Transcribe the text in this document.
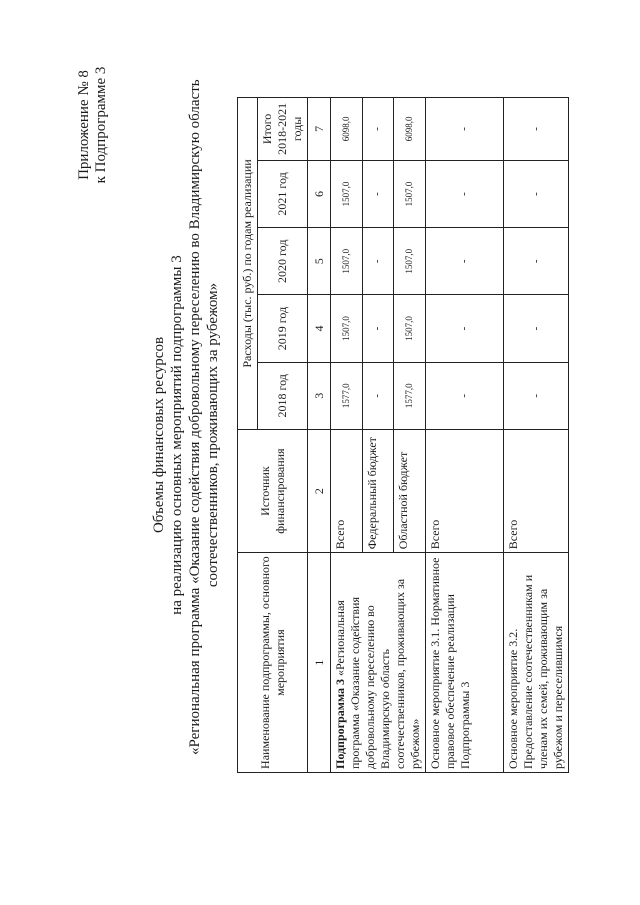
Приложение № 8 к Подпрограмме 3
Объемы финансовых ресурсов на реализацию основных мероприятий подпрограммы 3 «Региональная программа «Оказание содействия добровольному переселению во Владимирскую область соотечественников, проживающих за рубежом»
Наименование подпрограммы, основного мероприятия	Источник финансирования	Расходы (тыс. руб.) по годам реализации				
		2018 год	2019 год	2020 год	2021 год	Итого 2018-2021 годы
1	2	3	4	5	6	7
Подпрограмма 3 «Региональная программа «Оказание содействия добровольному переселению во Владимирскую область соотечественников, проживающих за рубежом»	Всего	1577,0	1507,0	1507,0	1507,0	6098,0
	Федеральный бюджет	-	-	-	-	-
	Областной бюджет	1577,0	1507,0	1507,0	1507,0	6098,0
Основное мероприятие 3.1. Нормативное правовое обеспечение реализации Подпрограммы 3	Всего	-	-	-	-	-
Основное мероприятие 3.2. Предоставление соотечественникам и членам их семей, проживающим за рубежом и переселившимся	Всего	-	-	-	-	-
